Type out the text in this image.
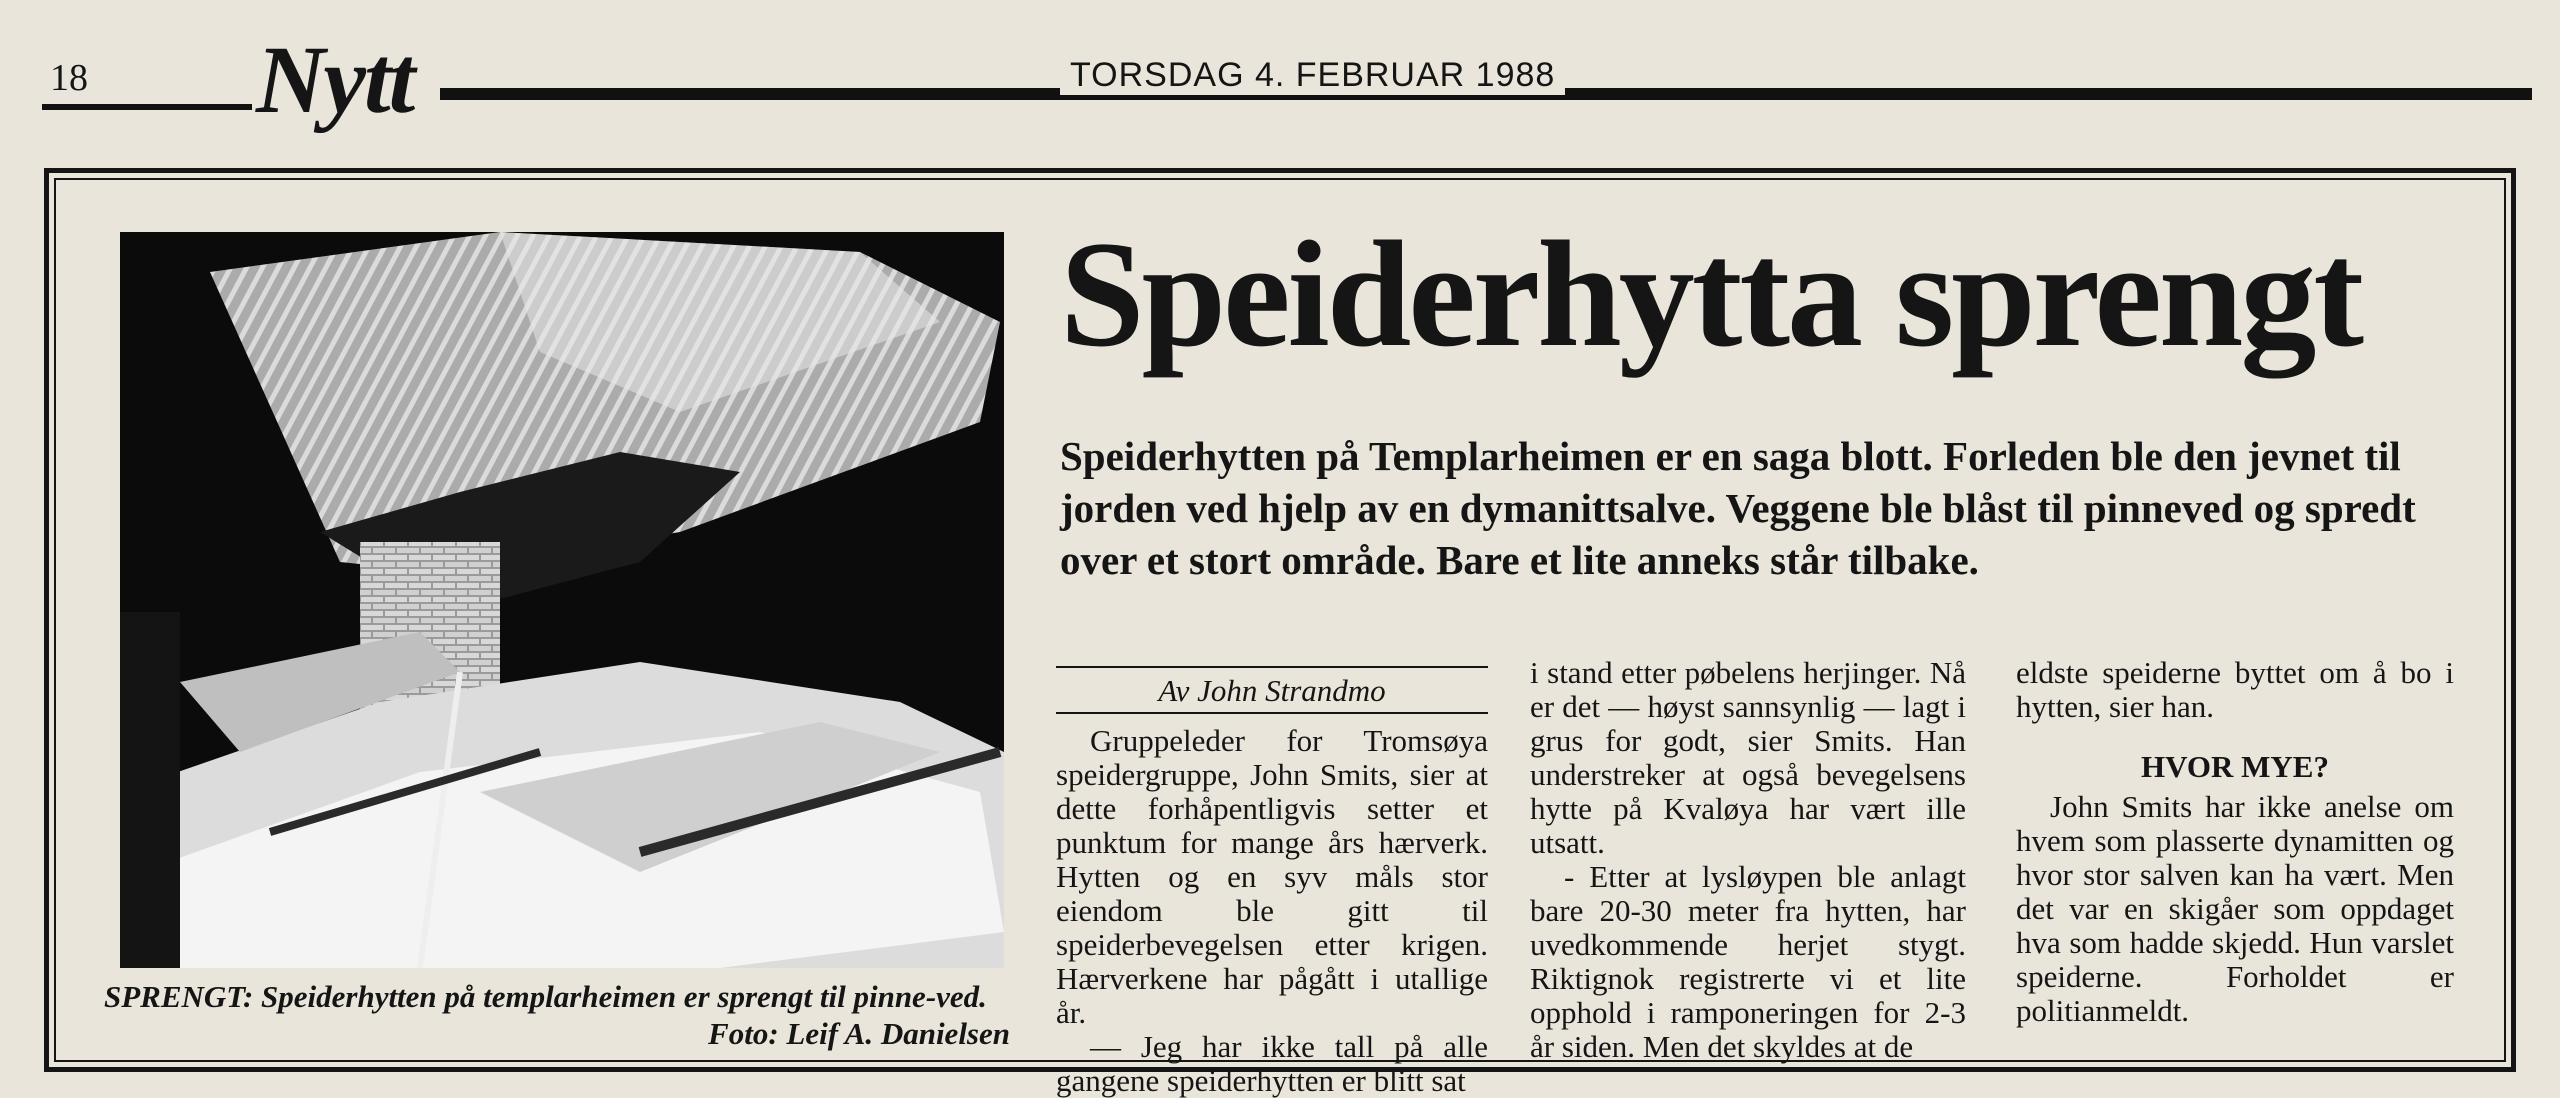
18 Nytt	TORSDAG 4. FEBRUAR 1988
SPRENGT: Speiderhytten på templarheimen er sprengt til pinne-ved.
Foto: Leif A. Danielsen
Speiderhytta sprengt
Speiderhytten på Templarheimen er en saga blott. Forleden ble den jevnet til jorden ved hjelp av en dymanittsalve. Veggene ble blåst til pinneved og spredt over et stort område. Bare et lite anneks står tilbake.
Av John Strandmo

Gruppeleder for Tromsøya speidergruppe, John Smits, sier at dette forhåpentligvis setter et punktum for mange års hærverk. Hytten og en syv måls stor eiendom ble gitt til speiderbevegelsen etter krigen. Hærverkene har pågått i utallige år.

— Jeg har ikke tall på alle gangene speiderhytten er blitt sat

i stand etter pøbelens herjinger. Nå er det — høyst sannsynlig — lagt i grus for godt, sier Smits. Han understreker at også bevegelsens hytte på Kvaløya har vært ille utsatt.

- Etter at lysløypen ble anlagt bare 20-30 meter fra hytten, har uvedkommende herjet stygt. Riktignok registrerte vi et lite opphold i ramponeringen for 2-3 år siden. Men det skyldes at de

eldste speiderne byttet om å bo i hytten, sier han.

HVOR MYE?

John Smits har ikke anelse om hvem som plasserte dynamitten og hvor stor salven kan ha vært. Men det var en skigåer som oppdaget hva som hadde skjedd. Hun varslet speiderne. Forholdet er politianmeldt.
